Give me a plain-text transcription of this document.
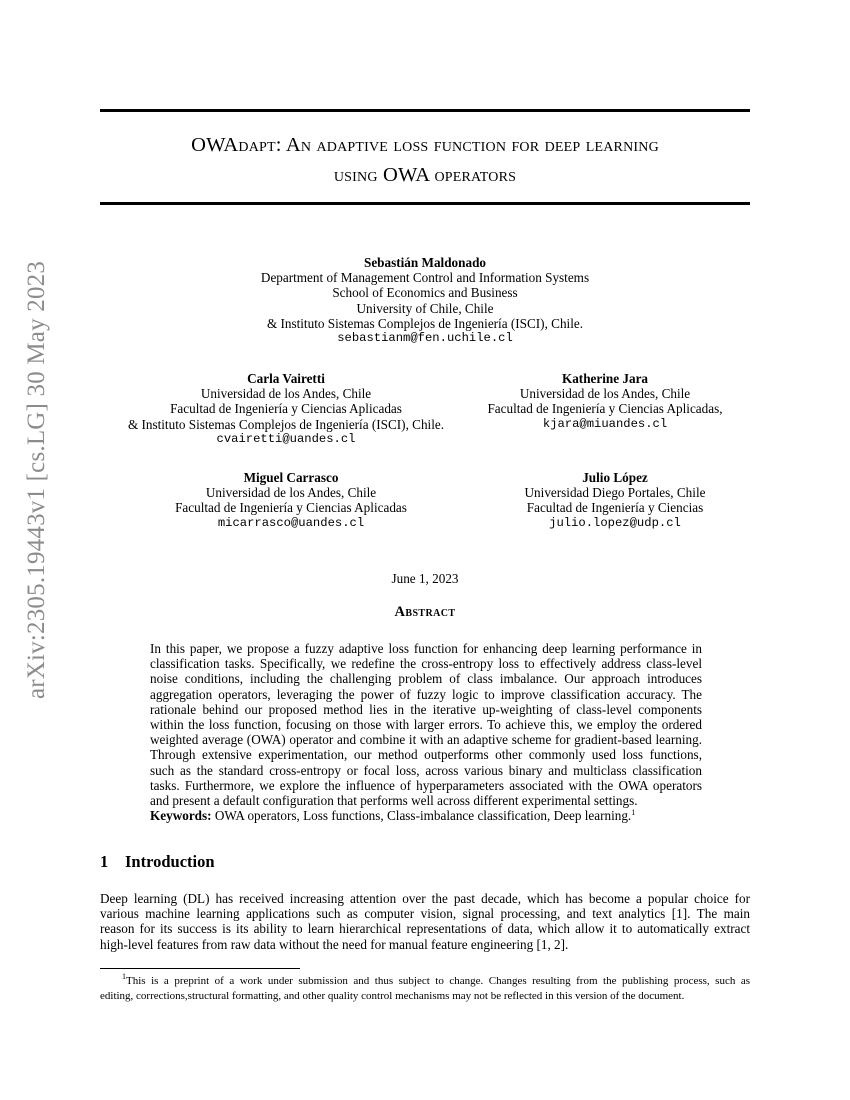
arXiv:2305.19443v1 [cs.LG] 30 May 2023
OWAdapt: An adaptive loss function for deep learning
using OWA operators
Sebastián Maldonado
Department of Management Control and Information Systems
School of Economics and Business
University of Chile, Chile
& Instituto Sistemas Complejos de Ingeniería (ISCI), Chile.
sebastianm@fen.uchile.cl
Carla Vairetti
Universidad de los Andes, Chile
Facultad de Ingeniería y Ciencias Aplicadas
& Instituto Sistemas Complejos de Ingeniería (ISCI), Chile.
cvairetti@uandes.cl
Katherine Jara
Universidad de los Andes, Chile
Facultad de Ingeniería y Ciencias Aplicadas,
kjara@miuandes.cl
Miguel Carrasco
Universidad de los Andes, Chile
Facultad de Ingeniería y Ciencias Aplicadas
micarrasco@uandes.cl
Julio López
Universidad Diego Portales, Chile
Facultad de Ingeniería y Ciencias
julio.lopez@udp.cl
June 1, 2023
Abstract
In this paper, we propose a fuzzy adaptive loss function for enhancing deep learning performance in
classification tasks. Specifically, we redefine the cross-entropy loss to effectively address class-level
noise conditions, including the challenging problem of class imbalance. Our approach introduces
aggregation operators, leveraging the power of fuzzy logic to improve classification accuracy. The
rationale behind our proposed method lies in the iterative up-weighting of class-level components
within the loss function, focusing on those with larger errors. To achieve this, we employ the ordered
weighted average (OWA) operator and combine it with an adaptive scheme for gradient-based learning.
Through extensive experimentation, our method outperforms other commonly used loss functions,
such as the standard cross-entropy or focal loss, across various binary and multiclass classification
tasks. Furthermore, we explore the influence of hyperparameters associated with the OWA operators
and present a default configuration that performs well across different experimental settings.
Keywords: OWA operators, Loss functions, Class-imbalance classification, Deep learning.$^1$
1 Introduction
Deep learning (DL) has received increasing attention over the past decade, which has become a popular choice for
various machine learning applications such as computer vision, signal processing, and text analytics [1]. The main
reason for its success is its ability to learn hierarchical representations of data, which allow it to automatically extract
high-level features from raw data without the need for manual feature engineering [1, 2].
$^1$This is a preprint of a work under submission and thus subject to change. Changes resulting from the publishing process, such as
editing, corrections,structural formatting, and other quality control mechanisms may not be reflected in this version of the document.
